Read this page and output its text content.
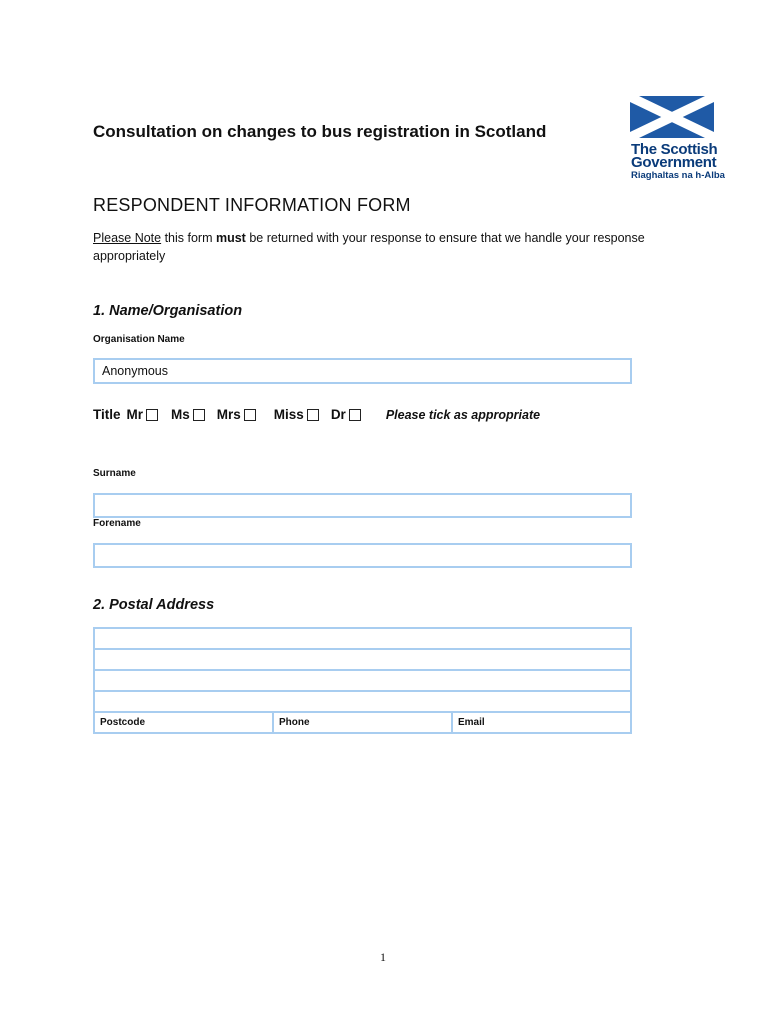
Consultation on changes to bus registration in Scotland
The Scottish
Government
Riaghaltas na h-Alba
RESPONDENT INFORMATION FORM
Please Note this form must be returned with your response to ensure that we handle your response appropriately
1. Name/Organisation
Organisation Name
Anonymous
Title Mr Ms Mrs Miss Dr	Please tick as appropriate
Surname
Forename
2. Postal Address
Postcode	Phone	Email
1
